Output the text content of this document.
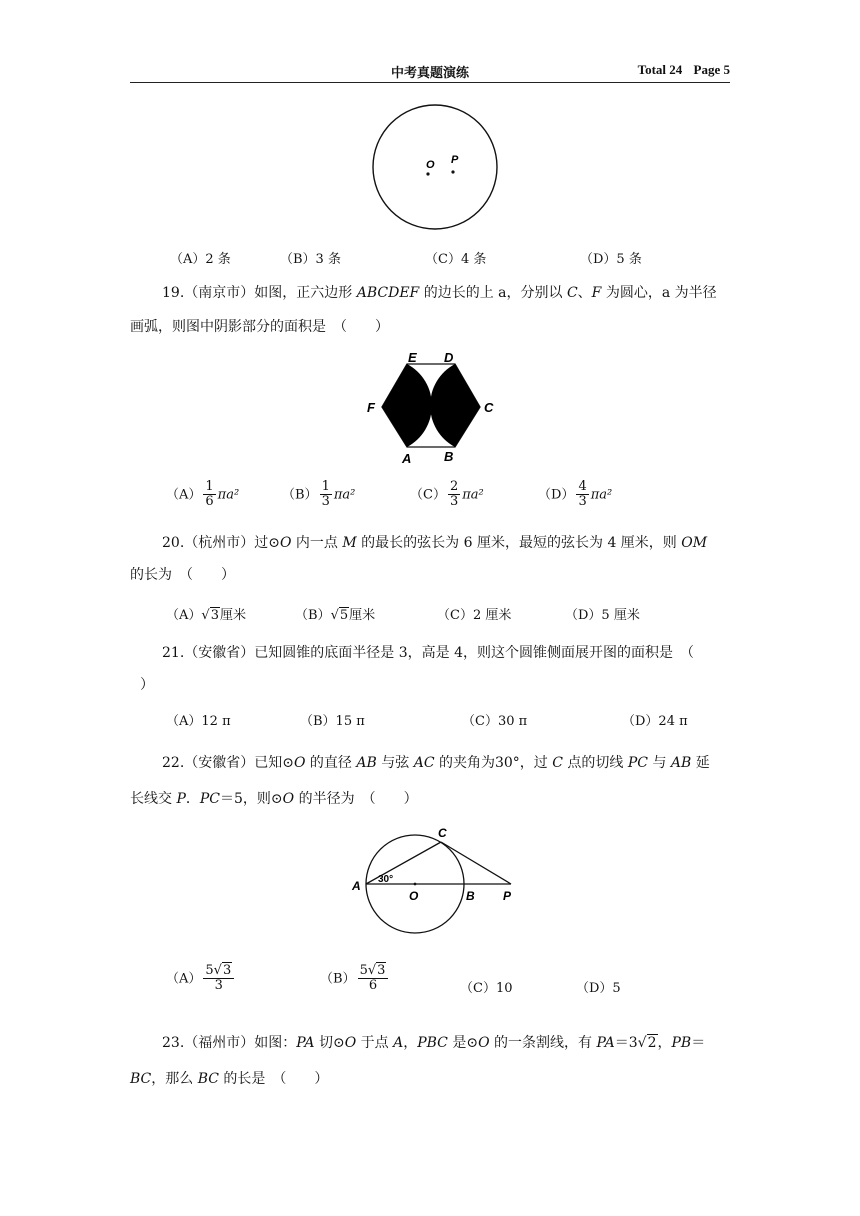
中考真题演练	Total 24 Page 5
O P
（A）2 条	（B）3 条	（C）4 条	（D）5 条
19.（南京市）如图，正六边形 ABCDEF 的边长的上 a，分别以 C、F 为圆心，a 为半径
画弧，则图中阴影部分的面积是　（　　）
E D
F	C
A	B
$(A) \frac{1}{6} \pi a^2$	$(B) \frac{1}{3} \pi a^2$	$(C) \frac{2}{3} \pi a^2$	$(D) \frac{4}{3} \pi a^2$
20.（杭州市）过⊙O 内一点 M 的最长的弦长为 6 厘米，最短的弦长为 4 厘米，则 OM
的长为　（　　）
（A）√3厘米	（B）√5厘米	（C）2 厘米	（D）5 厘米
21.（安徽省）已知圆锥的底面半径是 3，高是 4，则这个圆锥侧面展开图的面积是　（
）
（A）12 π	（B）15 π	（C）30 π	（D）24 π
22.（安徽省）已知⊙O 的直径 AB 与弦 AC 的夹角为30°，过 C 点的切线 PC 与 AB 延
长线交 P．PC＝5，则⊙O 的半径为　（　　）
C
A 30°
O	B P
$(A) \frac{5√3}{3}$	$(B) \frac{5√3}{6}$	（C）10	（D）5
23.（福州市）如图：PA 切⊙O 于点 A，PBC 是⊙O 的一条割线，有 PA＝3√2，PB＝
BC，那么 BC 的长是　（　　）
